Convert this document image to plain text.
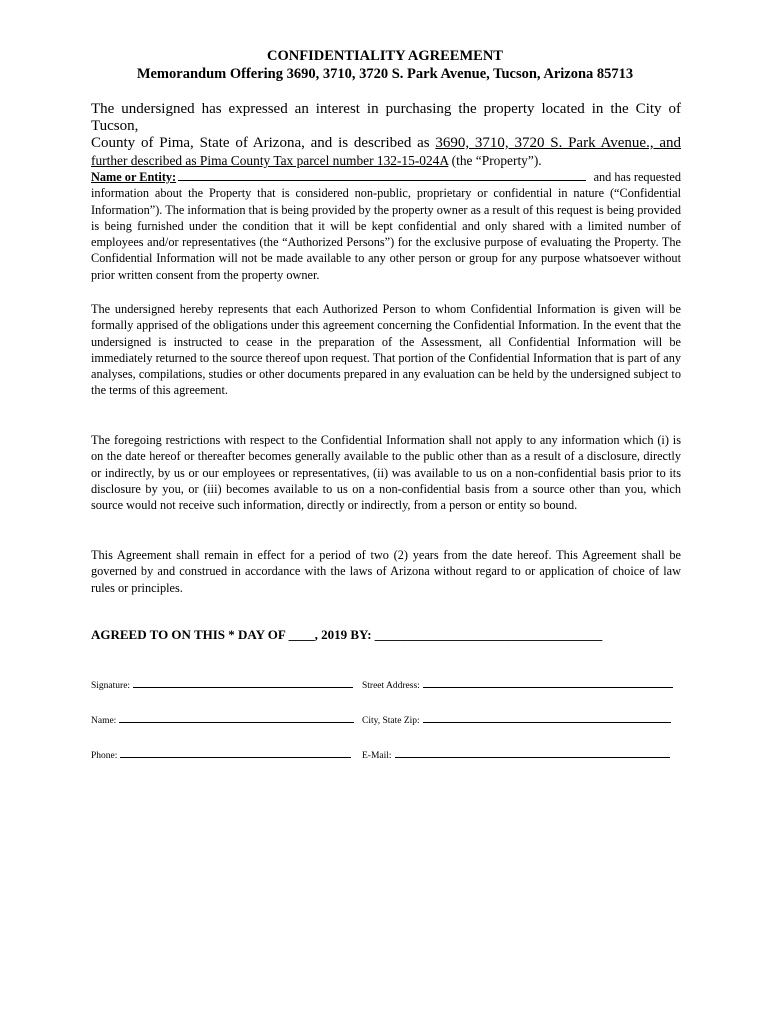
CONFIDENTIALITY AGREEMENT
Memorandum Offering 3690, 3710, 3720 S. Park Avenue, Tucson, Arizona 85713
The undersigned has expressed an interest in purchasing the property located in the City of Tucson,
County of Pima, State of Arizona, and is described as 3690, 3710, 3720 S. Park Avenue., and
further described as Pima County Tax parcel number 132-15-024A (the “Property”).
Name or Entity:	and has requested
information about the Property that is considered non-public, proprietary or confidential in nature (“Confidential Information”). The information that is being provided by the property owner as a result of this request is being provided is being furnished under the condition that it will be kept confidential and only shared with a limited number of employees and/or representatives (the “Authorized Persons”) for the exclusive purpose of evaluating the Property. The Confidential Information will not be made available to any other person or group for any purpose whatsoever without prior written consent from the property owner.
The undersigned hereby represents that each Authorized Person to whom Confidential Information is given will be formally apprised of the obligations under this agreement concerning the Confidential Information. In the event that the undersigned is instructed to cease in the preparation of the Assessment, all Confidential Information will be immediately returned to the source thereof upon request. That portion of the Confidential Information that is part of any analyses, compilations, studies or other documents prepared in any evaluation can be held by the undersigned subject to the terms of this agreement.
The foregoing restrictions with respect to the Confidential Information shall not apply to any information which (i) is on the date hereof or thereafter becomes generally available to the public other than as a result of a disclosure, directly or indirectly, by us or our employees or representatives, (ii) was available to us on a non-confidential basis prior to its disclosure by you, or (iii) becomes available to us on a non-confidential basis from a source other than you, which source would not receive such information, directly or indirectly, from a person or entity so bound.
This Agreement shall remain in effect for a period of two (2) years from the date hereof. This Agreement shall be governed by and construed in accordance with the laws of Arizona without regard to or application of choice of law rules or principles.
AGREED TO ON THIS * DAY OF ____, 2019 BY: ___________________________________
Signature:	Street Address:
Name:	City, State Zip:
Phone:	E-Mail:
